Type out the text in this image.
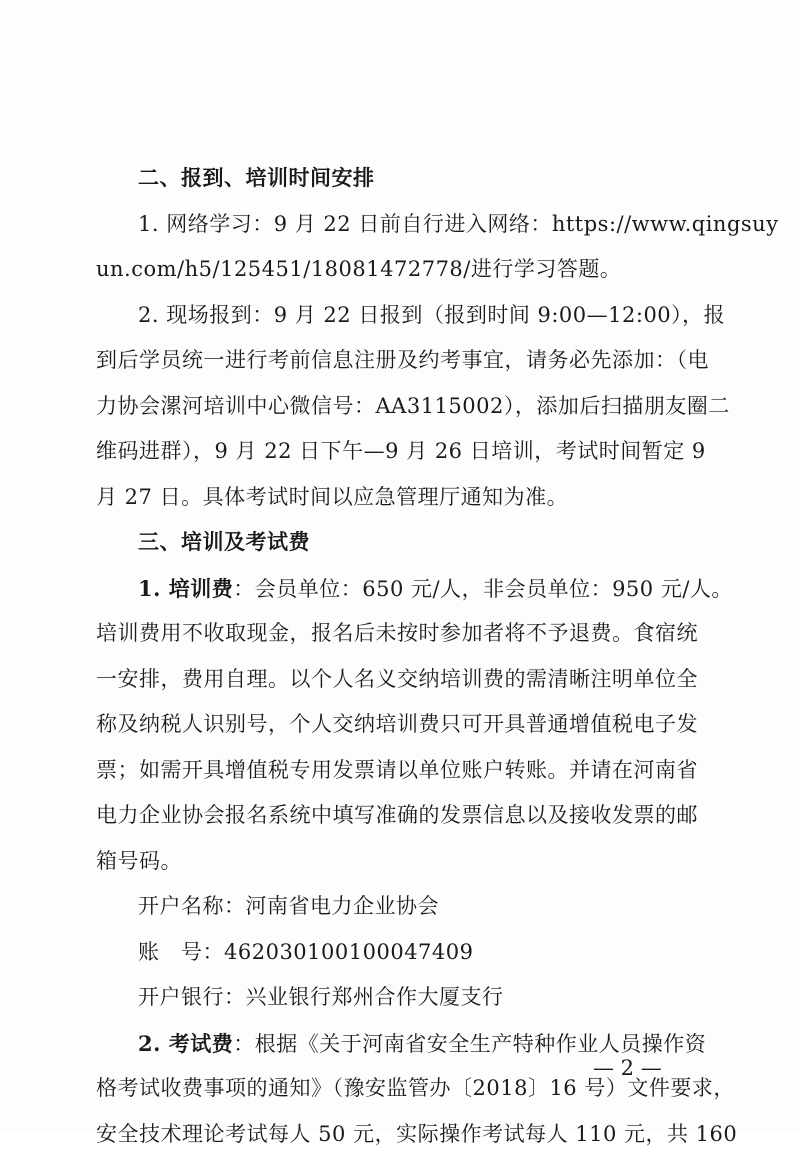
二、报到、培训时间安排
1. 网络学习：9 月 22 日前自行进入网络：https://www.qingsuy
un.com/h5/125451/18081472778/进行学习答题。
2. 现场报到：9 月 22 日报到（报到时间 9:00—12:00），报
到后学员统一进行考前信息注册及约考事宜，请务必先添加：（电
力协会漯河培训中心微信号：AA3115002），添加后扫描朋友圈二
维码进群），9 月 22 日下午—9 月 26 日培训，考试时间暂定 9
月 27 日。具体考试时间以应急管理厅通知为准。
三、培训及考试费
1. 培训费：会员单位：650 元/人，非会员单位：950 元/人。
培训费用不收取现金，报名后未按时参加者将不予退费。食宿统
一安排，费用自理。以个人名义交纳培训费的需清晰注明单位全
称及纳税人识别号，个人交纳培训费只可开具普通增值税电子发
票；如需开具增值税专用发票请以单位账户转账。并请在河南省
电力企业协会报名系统中填写准确的发票信息以及接收发票的邮
箱号码。
开户名称：河南省电力企业协会
账　号：462030100100047409
开户银行：兴业银行郑州合作大厦支行
2. 考试费：根据《关于河南省安全生产特种作业人员操作资
格考试收费事项的通知》（豫安监管办〔2018〕16 号）文件要求，
安全技术理论考试每人 50 元，实际操作考试每人 110 元，共 160
— 2 —
